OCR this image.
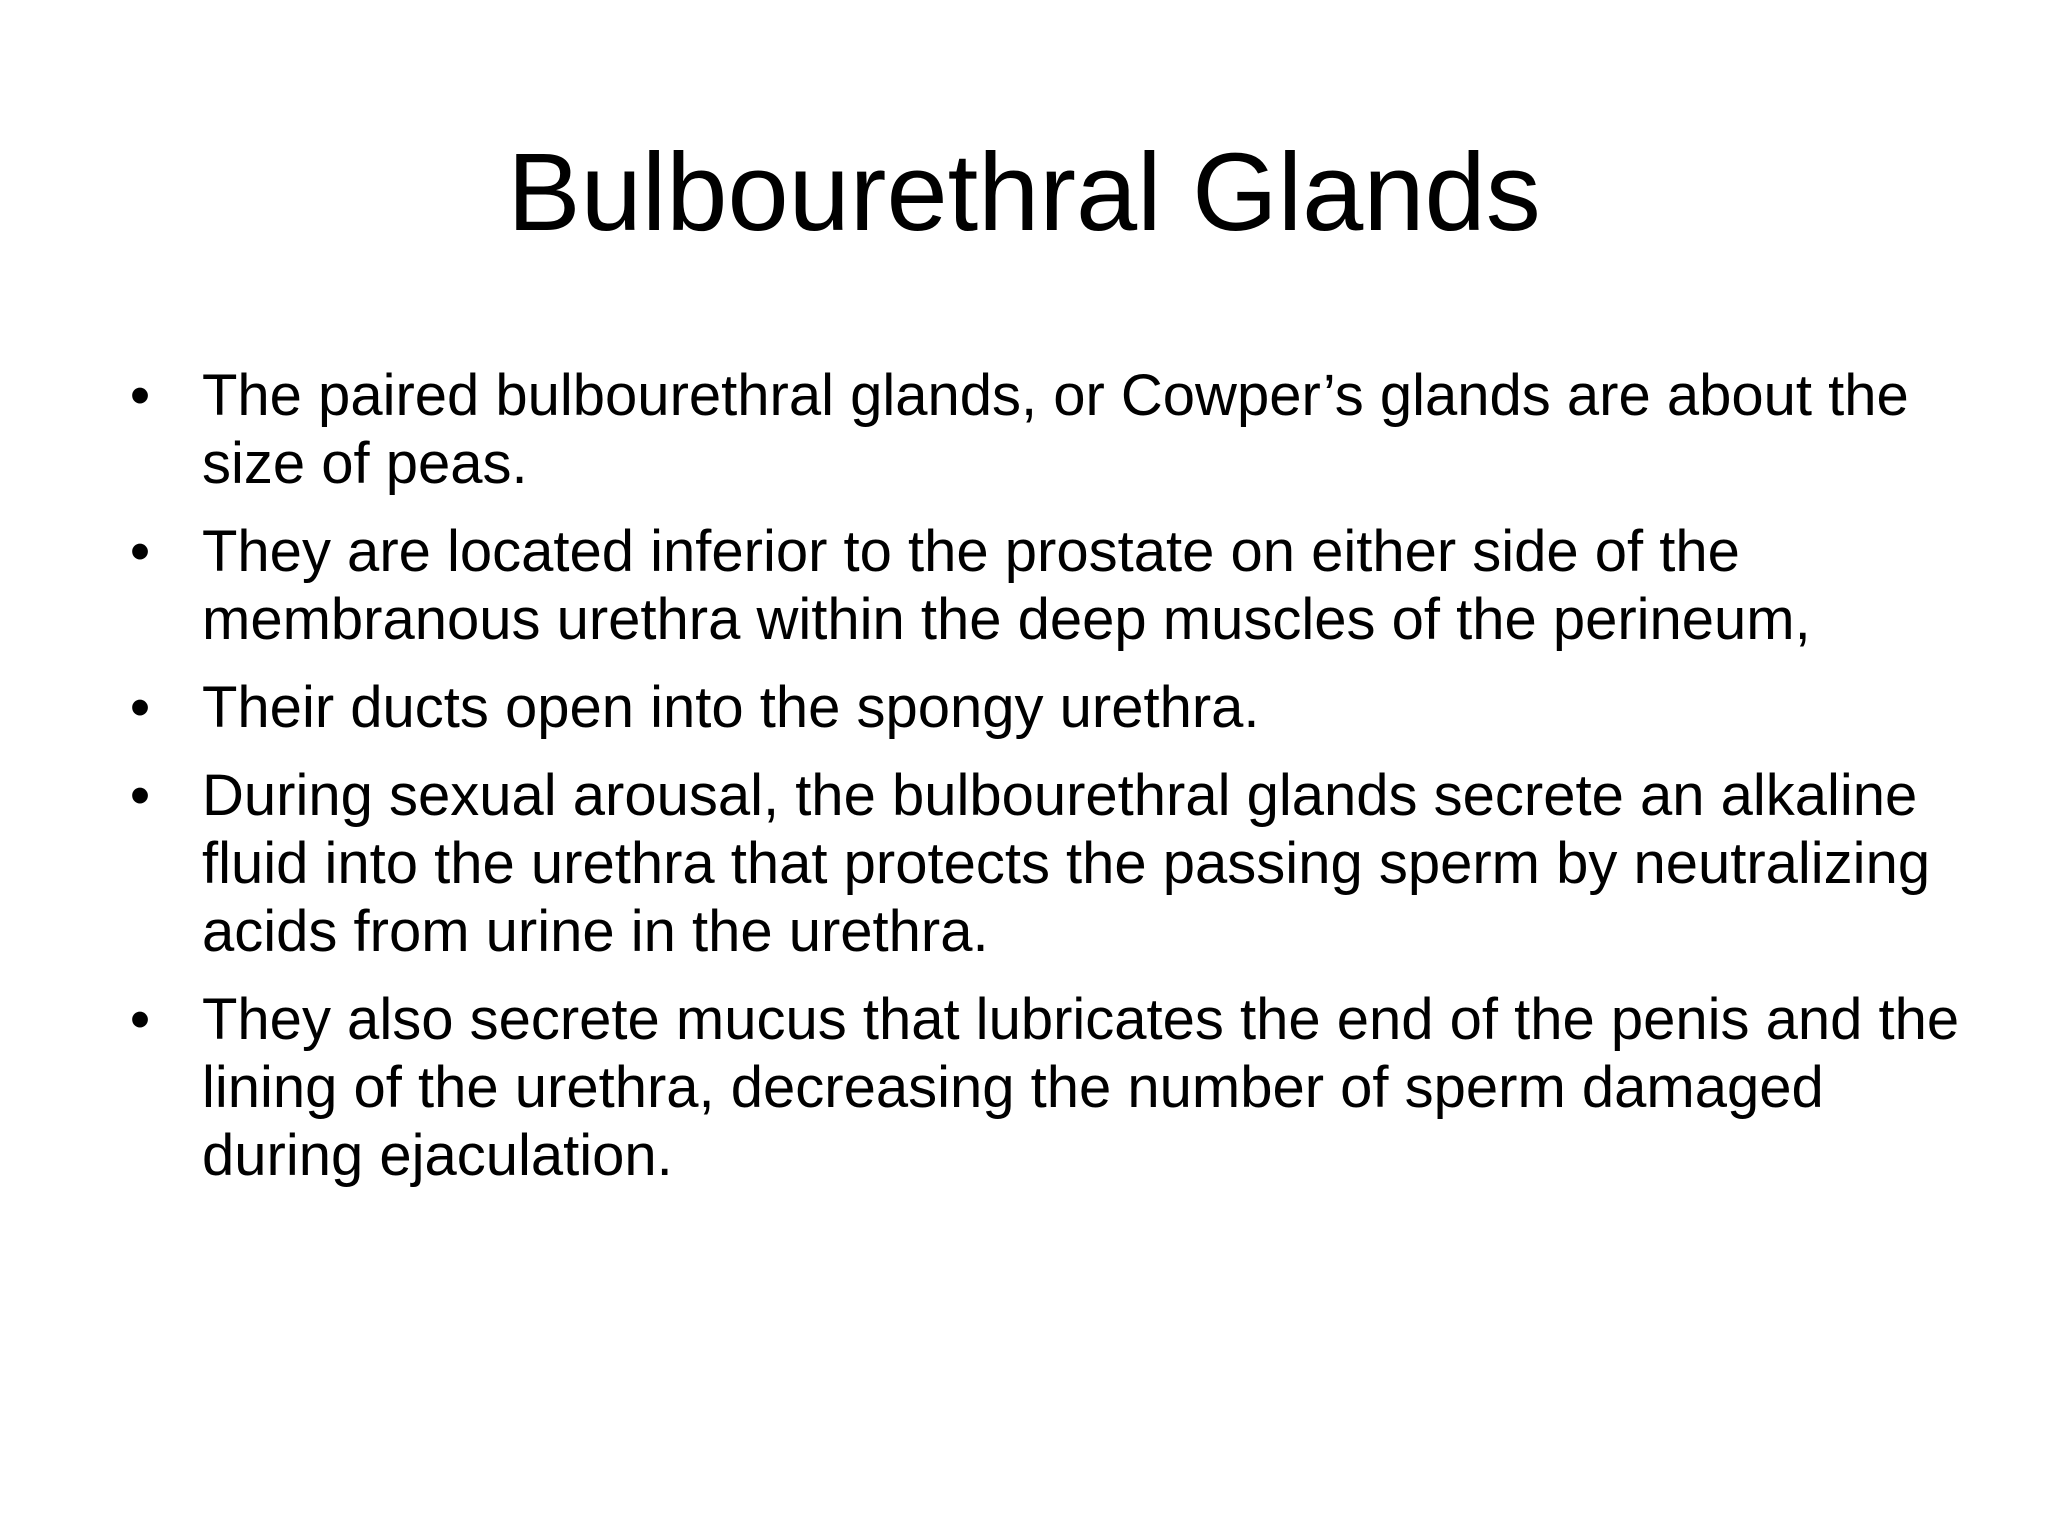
Bulbourethral Glands
• The paired bulbourethral glands, or Cowper’s glands are about the size of peas.
• They are located inferior to the prostate on either side of the membranous urethra within the deep muscles of the perineum,
• Their ducts open into the spongy urethra.
• During sexual arousal, the bulbourethral glands secrete an alkaline fluid into the urethra that protects the passing sperm by neutralizing acids from urine in the urethra.
• They also secrete mucus that lubricates the end of the penis and the lining of the urethra, decreasing the number of sperm damaged during ejaculation.
